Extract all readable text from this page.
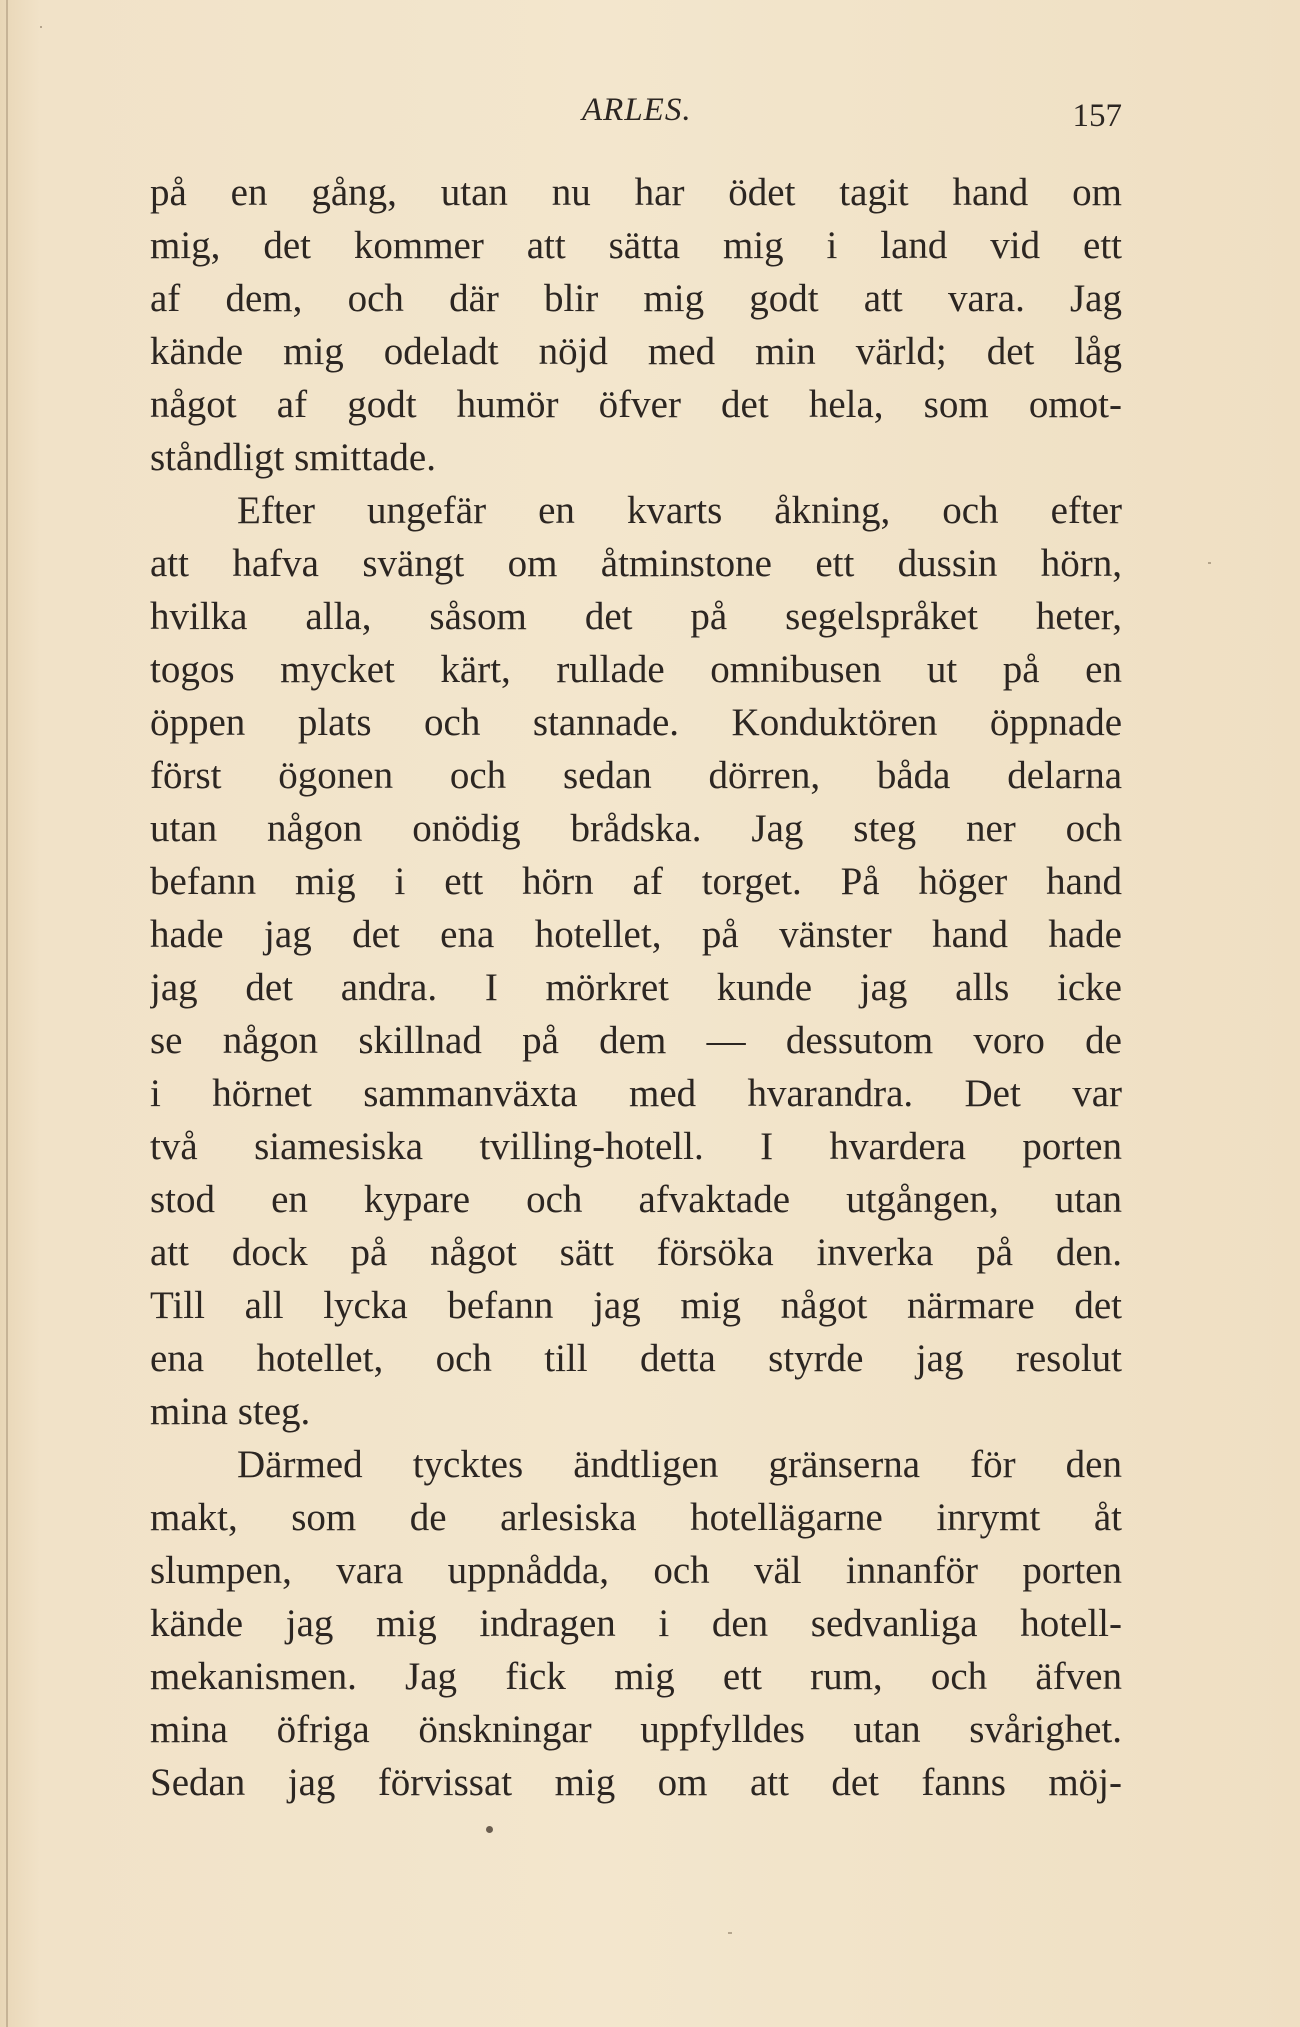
ARLES.	157
på en gång, utan nu har ödet tagit hand om
mig, det kommer att sätta mig i land vid ett
af dem, och där blir mig godt att vara. Jag
kände mig odeladt nöjd med min värld; det låg
något af godt humör öfver det hela, som omot-
ståndligt smittade.
Efter ungefär en kvarts åkning, och efter
att hafva svängt om åtminstone ett dussin hörn,
hvilka alla, såsom det på segelspråket heter,
togos mycket kärt, rullade omnibusen ut på en
öppen plats och stannade. Konduktören öppnade
först ögonen och sedan dörren, båda delarna
utan någon onödig brådska. Jag steg ner och
befann mig i ett hörn af torget. På höger hand
hade jag det ena hotellet, på vänster hand hade
jag det andra. I mörkret kunde jag alls icke
se någon skillnad på dem — dessutom voro de
i hörnet sammanväxta med hvarandra. Det var
två siamesiska tvilling-hotell. I hvardera porten
stod en kypare och afvaktade utgången, utan
att dock på något sätt försöka inverka på den.
Till all lycka befann jag mig något närmare det
ena hotellet, och till detta styrde jag resolut
mina steg.
Därmed tycktes ändtligen gränserna för den
makt, som de arlesiska hotellägarne inrymt åt
slumpen, vara uppnådda, och väl innanför porten
kände jag mig indragen i den sedvanliga hotell-
mekanismen. Jag fick mig ett rum, och äfven
mina öfriga önskningar uppfylldes utan svårighet.
Sedan jag förvissat mig om att det fanns möj-
